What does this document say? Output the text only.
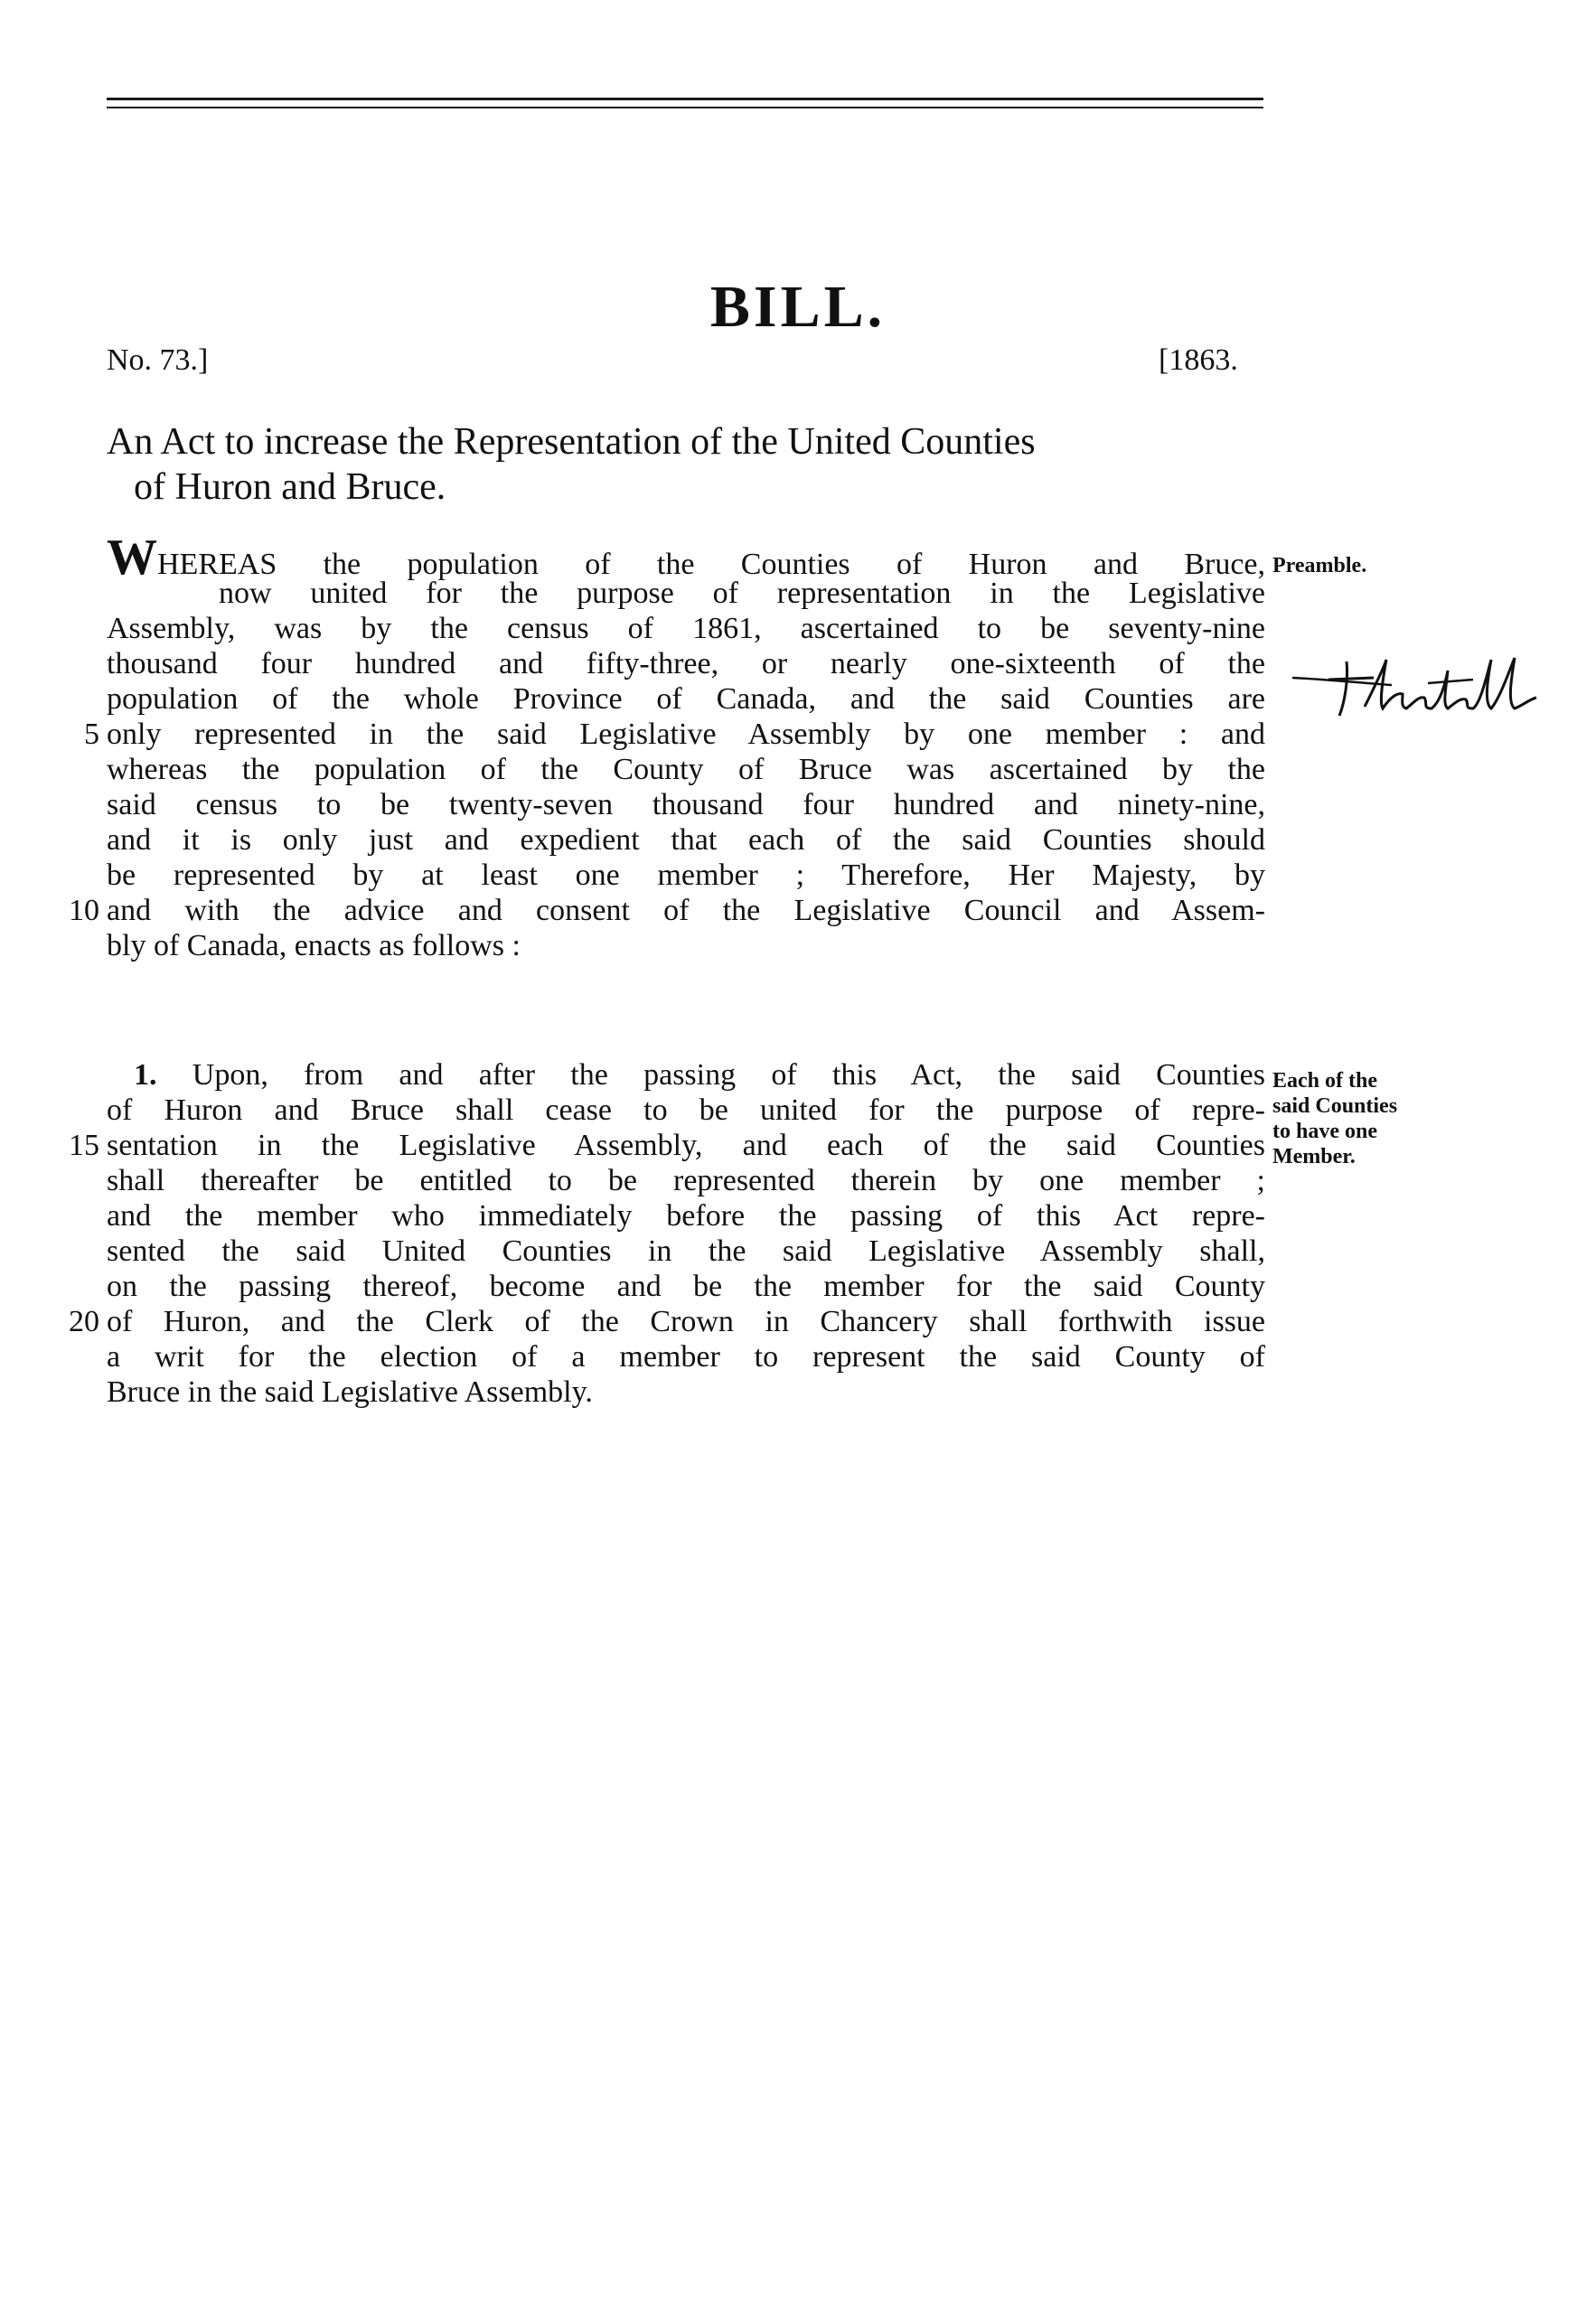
BILL.
No. 73.]	[1863.
An Act to increase the Representation of the United Counties
of Huron and Bruce.
WHEREAS the population of the Counties of Huron and Bruce,
now united for the purpose of representation in the Legislative
Assembly, was by the census of 1861, ascertained to be seventy-nine
thousand four hundred and fifty-three, or nearly one-sixteenth of the
population of the whole Province of Canada, and the said Counties are
only represented in the said Legislative Assembly by one member : and
whereas the population of the County of Bruce was ascertained by the
said census to be twenty-seven thousand four hundred and ninety-nine,
and it is only just and expedient that each of the said Counties should
be represented by at least one member ; Therefore, Her Majesty, by
and with the advice and consent of the Legislative Council and Assem-
bly of Canada, enacts as follows :
Preamble.
1. Upon, from and after the passing of this Act, the said Counties
of Huron and Bruce shall cease to be united for the purpose of repre-
sentation in the Legislative Assembly, and each of the said Counties
shall thereafter be entitled to be represented therein by one member ;
and the member who immediately before the passing of this Act repre-
sented the said United Counties in the said Legislative Assembly shall,
on the passing thereof, become and be the member for the said County
of Huron, and the Clerk of the Crown in Chancery shall forthwith issue
a writ for the election of a member to represent the said County of
Bruce in the said Legislative Assembly.
Each of the
said Counties
to have one
Member.
5
10
15
20
the tenth
